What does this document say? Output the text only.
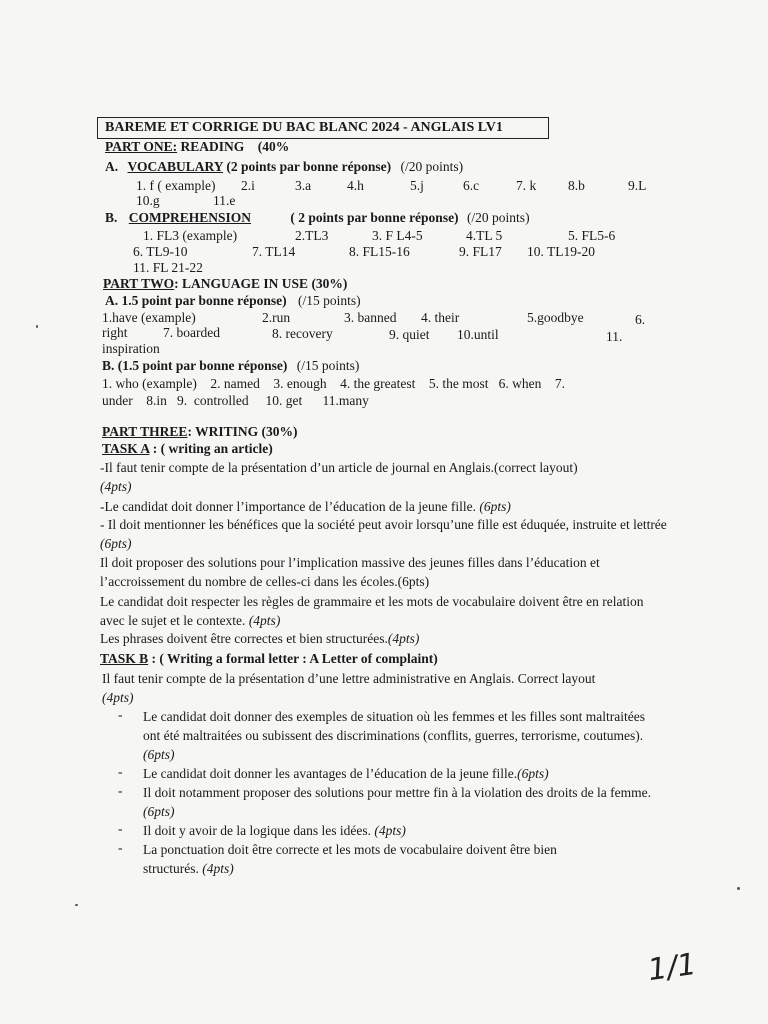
BAREME ET CORRIGE DU BAC BLANC 2024 - ANGLAIS LV1
PART ONE: READING (40%
A. VOCABULARY (2 points par bonne réponse) (/20 points)
1. f ( example) 2.i	3.a	4.h	5.j	6.c	7. k 8.b	9.L
10.g	11.e
B. COMPREHENSION	( 2 points par bonne réponse) (/20 points)
1. FL3 (example)	2.TL3	3. F L4-5	4.TL 5	5. FL5-6
6. TL9-10	7. TL14	8. FL15-16	9. FL17 10. TL19-20
11. FL 21-22
PART TWO: LANGUAGE IN USE (30%)
A. 1.5 point par bonne réponse) (/15 points)
1.have (example)	2.run	3. banned 4. their	5.goodbye	6.
right	7. boarded	8. recovery	9. quiet 10.until	11.
inspiration
B. (1.5 point par bonne réponse) (/15 points)
1. who (example)    2. named    3. enough    4. the greatest    5. the most   6. when    7.
under    8.in   9.  controlled     10. get      11.many
PART THREE: WRITING (30%)
TASK A : ( writing an article)
-Il faut tenir compte de la présentation d’un article de journal en Anglais.(correct layout)
(4pts)
-Le candidat doit donner l’importance de l’éducation de la jeune fille. (6pts)
- Il doit mentionner les bénéfices que la société peut avoir lorsqu’une fille est éduquée, instruite et lettrée (6pts)
Il doit proposer des solutions pour l’implication massive des jeunes filles dans l’éducation et l’accroissement du nombre de celles-ci dans les écoles.(6pts)
Le candidat doit respecter les règles de grammaire et les mots de vocabulaire doivent être en relation avec le sujet et le contexte. (4pts)
Les phrases doivent être correctes et bien structurées.(4pts)
TASK B : ( Writing a formal letter : A Letter of complaint)
Il faut tenir compte de la présentation d’une lettre administrative en Anglais. Correct layout
(4pts)
- Le candidat doit donner des exemples de situation où les femmes et les filles sont maltraitées ont été maltraitées ou subissent des discriminations (conflits, guerres, terrorisme, coutumes).(6pts)
- Le candidat doit donner les avantages de l’éducation de la jeune fille.(6pts)
- Il doit notamment proposer des solutions pour mettre fin à la violation des droits de la femme.(6pts)
- Il doit y avoir de la logique dans les idées. (4pts)
- La ponctuation doit être correcte et les mots de vocabulaire doivent être bien structurés. (4pts)
1/1
